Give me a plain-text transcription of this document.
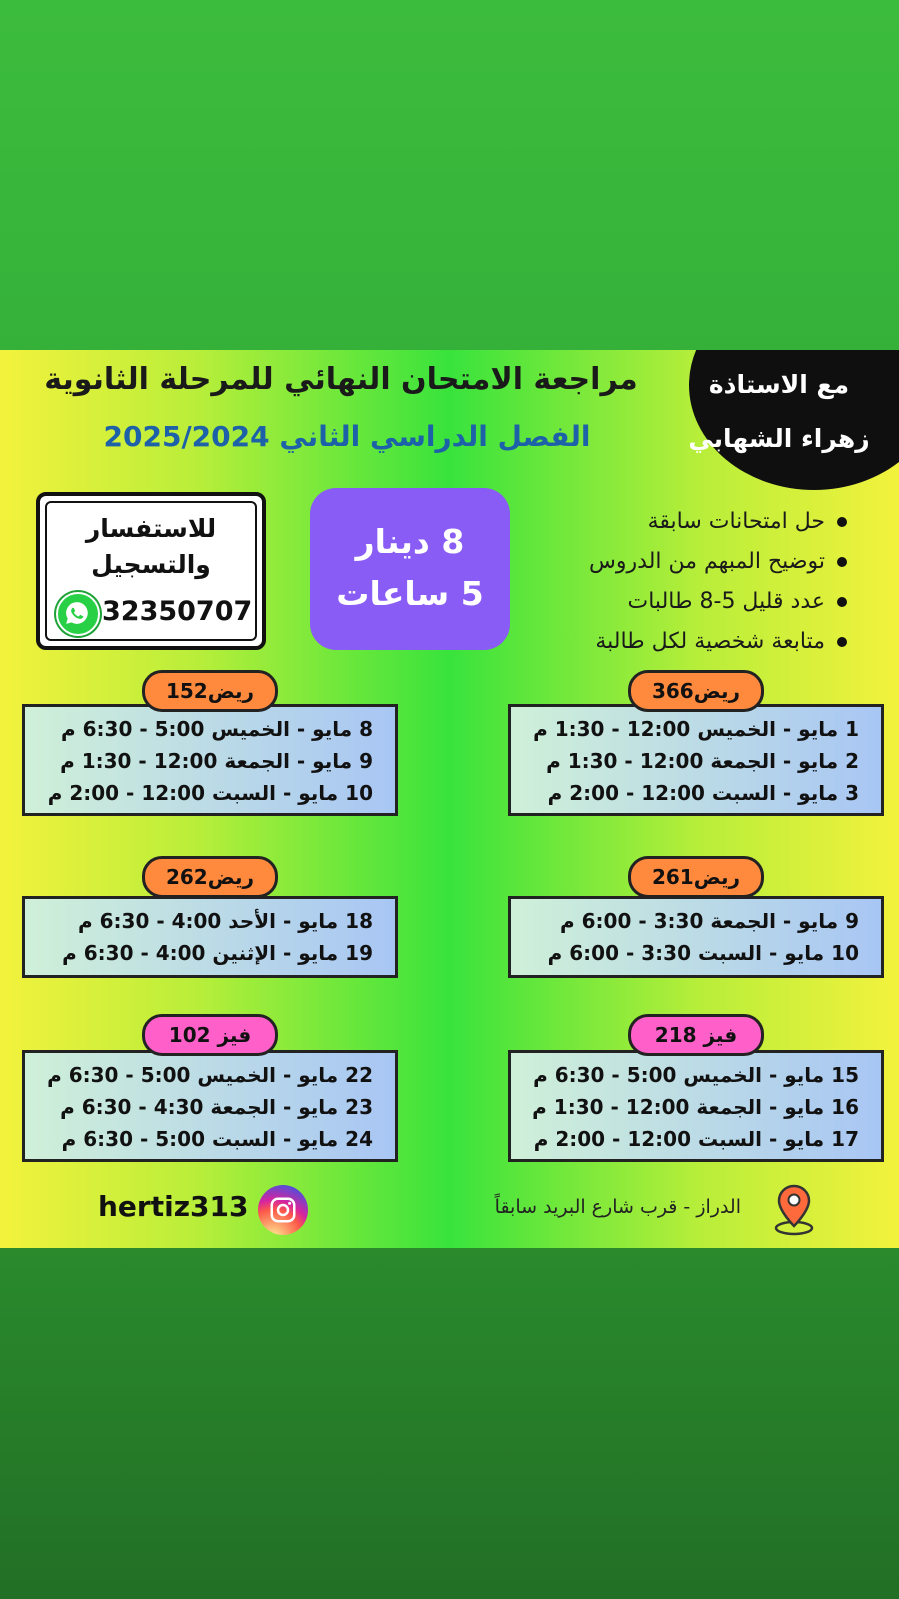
مع الاستاذة
زهراء الشهابي
مراجعة الامتحان النهائي للمرحلة الثانوية
الفصل الدراسي الثاني 2025/2024
للاستفسار
والتسجيل
32350707
8 دينار
5 ساعات
حل امتحانات سابقة
توضيح المبهم من الدروس
عدد قليل 5-8 طالبات
متابعة شخصية لكل طالبة
1 مايو - الخميس 12:00 - 1:30 م
2 مايو - الجمعة 12:00 - 1:30 م
3 مايو - السبت 12:00 - 2:00 م
ريض366
9 مايو - الجمعة 3:30 - 6:00 م
10 مايو - السبت 3:30 - 6:00 م
ريض261
15 مايو - الخميس 5:00 - 6:30 م
16 مايو - الجمعة 12:00 - 1:30 م
17 مايو - السبت 12:00 - 2:00 م
فيز 218
8 مايو - الخميس 5:00 - 6:30 م
9 مايو - الجمعة 12:00 - 1:30 م
10 مايو - السبت 12:00 - 2:00 م
ريض152
18 مايو - الأحد 4:00 - 6:30 م
19 مايو - الإثنين 4:00 - 6:30 م
ريض262
22 مايو - الخميس 5:00 - 6:30 م
23 مايو - الجمعة 4:30 - 6:30 م
24 مايو - السبت 5:00 - 6:30 م
فيز 102
hertiz313	الدراز - قرب شارع البريد سابقاً
